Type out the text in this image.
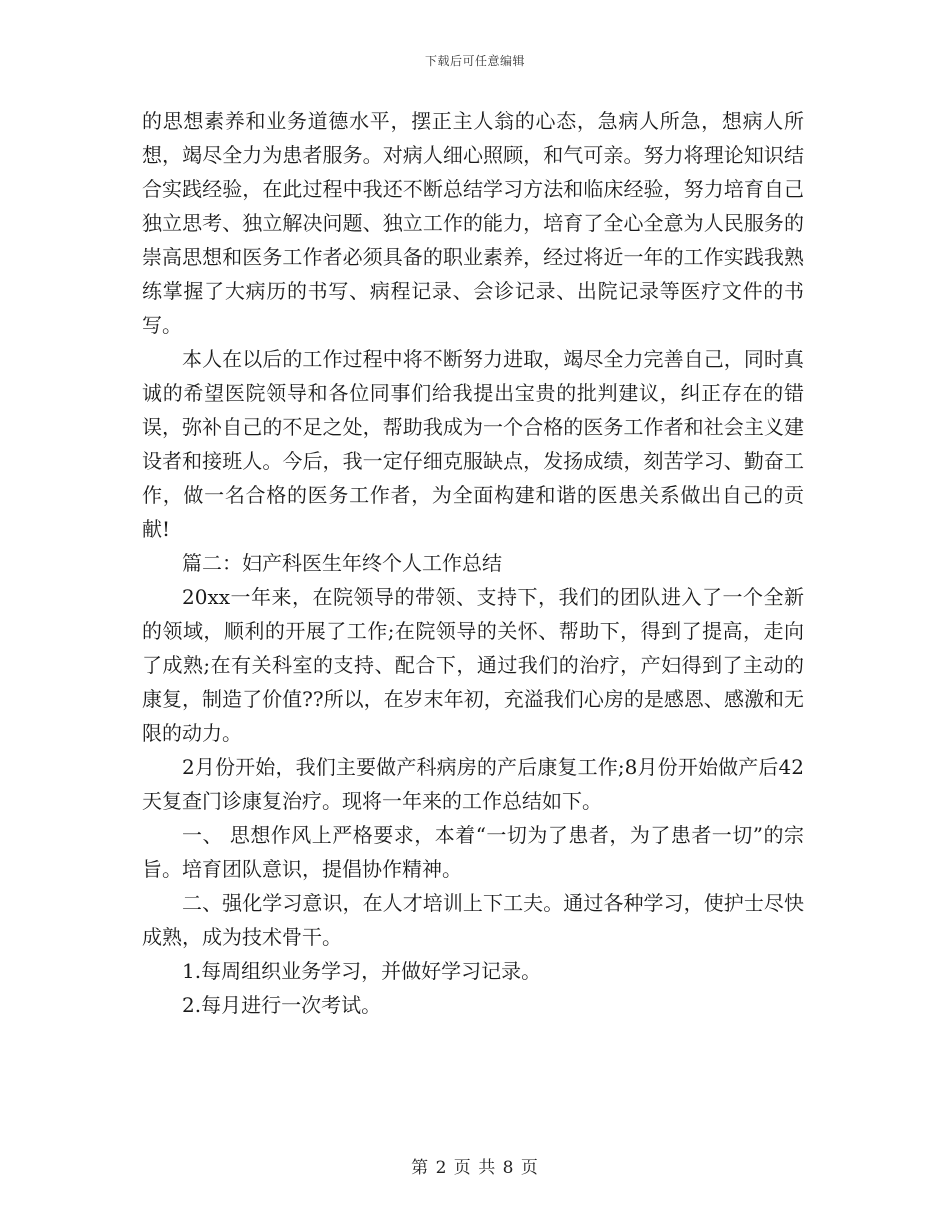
下载后可任意编辑

的思想素养和业务道德水平，摆正主人翁的心态，急病人所急，想病人所想，竭尽全力为患者服务。对病人细心照顾，和气可亲。努力将理论知识结合实践经验，在此过程中我还不断总结学习方法和临床经验，努力培育自己独立思考、独立解决问题、独立工作的能力，培育了全心全意为人民服务的崇高思想和医务工作者必须具备的职业素养，经过将近一年的工作实践我熟练掌握了大病历的书写、病程记录、会诊记录、出院记录等医疗文件的书写。

本人在以后的工作过程中将不断努力进取，竭尽全力完善自己，同时真诚的希望医院领导和各位同事们给我提出宝贵的批判建议，纠正存在的错误，弥补自己的不足之处，帮助我成为一个合格的医务工作者和社会主义建设者和接班人。今后，我一定仔细克服缺点，发扬成绩，刻苦学习、勤奋工作，做一名合格的医务工作者，为全面构建和谐的医患关系做出自己的贡献!

篇二：妇产科医生年终个人工作总结

20xx一年来，在院领导的带领、支持下，我们的团队进入了一个全新的领域，顺利的开展了工作;在院领导的关怀、帮助下，得到了提高，走向了成熟;在有关科室的支持、配合下，通过我们的治疗，产妇得到了主动的康复，制造了价值??所以，在岁末年初，充溢我们心房的是感恩、感激和无限的动力。

2月份开始，我们主要做产科病房的产后康复工作;8月份开始做产后42天复查门诊康复治疗。现将一年来的工作总结如下。

一、 思想作风上严格要求，本着“一切为了患者，为了患者一切”的宗旨。培育团队意识，提倡协作精神。

二、强化学习意识，在人才培训上下工夫。通过各种学习，使护士尽快成熟，成为技术骨干。

1.每周组织业务学习，并做好学习记录。

2.每月进行一次考试。

第 2 页 共 8 页
